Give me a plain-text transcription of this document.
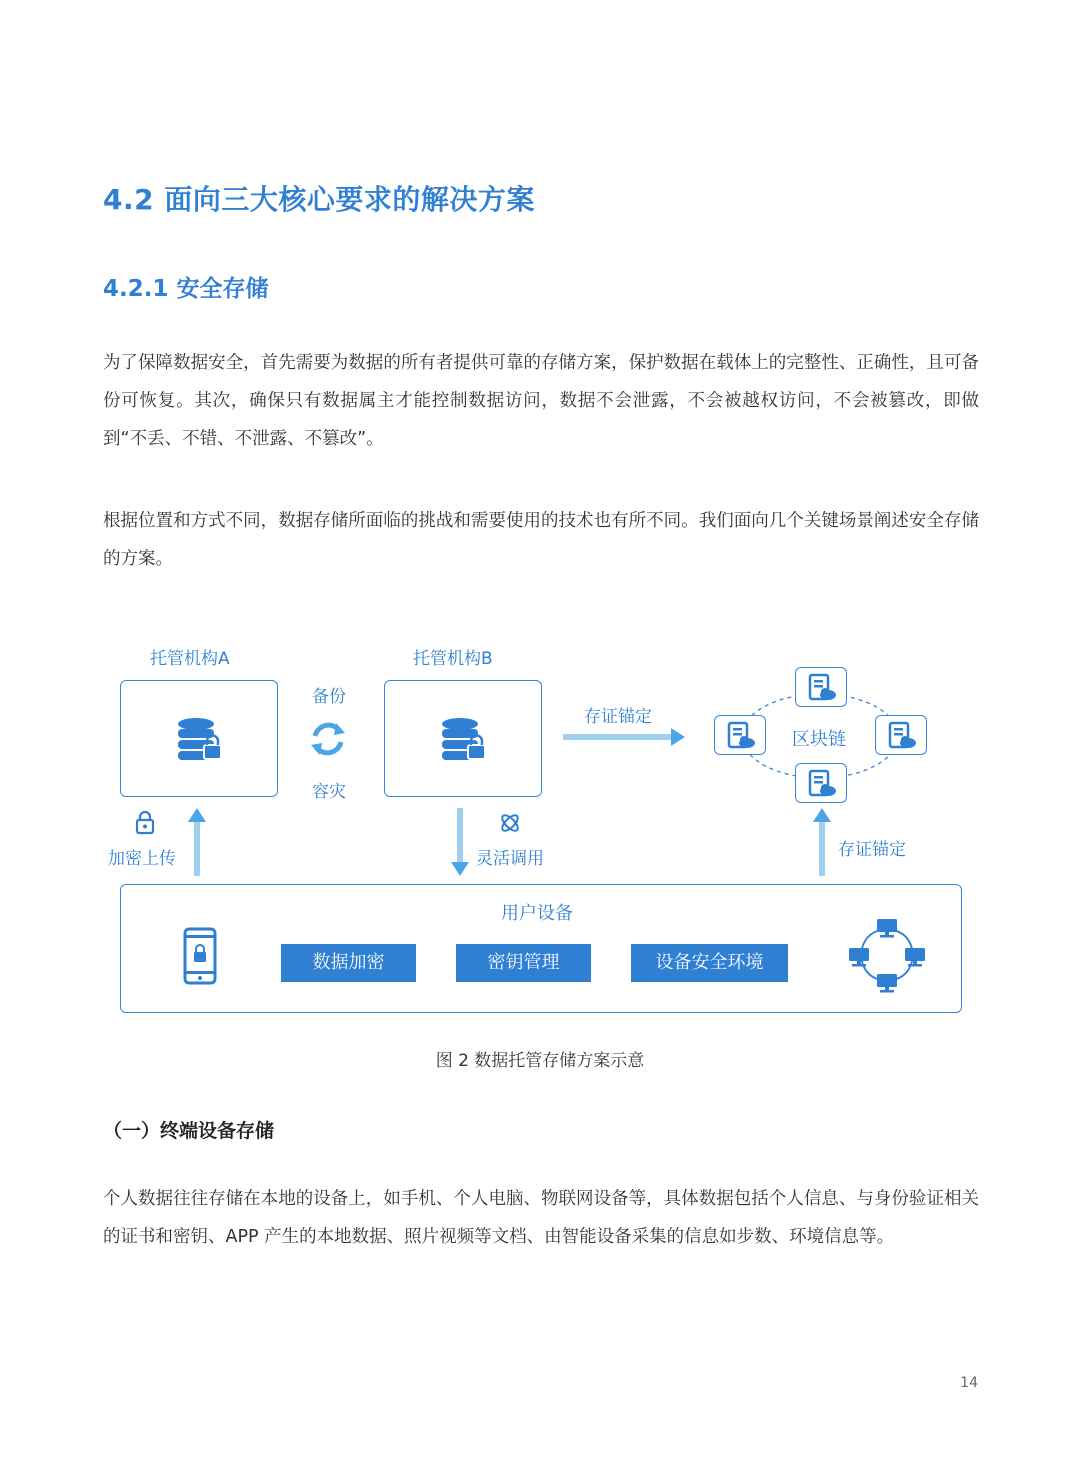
4.2 面向三大核心要求的解决方案
4.2.1 安全存储
为了保障数据安全，首先需要为数据的所有者提供可靠的存储方案，保护数据在载体上的完整性、正确性，且可备份可恢复。其次，确保只有数据属主才能控制数据访问，数据不会泄露，不会被越权访问，不会被篡改，即做到“不丢、不错、不泄露、不篡改”。
根据位置和方式不同，数据存储所面临的挑战和需要使用的技术也有所不同。我们面向几个关键场景阐述安全存储的方案。
托管机构A	托管机构B
备份
容灾
存证锚定
区块链
加密上传	灵活调用	存证锚定
用户设备
数据加密	密钥管理	设备安全环境
图 2 数据托管存储方案示意
（一）终端设备存储
个人数据往往存储在本地的设备上，如手机、个人电脑、物联网设备等，具体数据包括个人信息、与身份验证相关的证书和密钥、APP 产生的本地数据、照片视频等文档、由智能设备采集的信息如步数、环境信息等。
14
